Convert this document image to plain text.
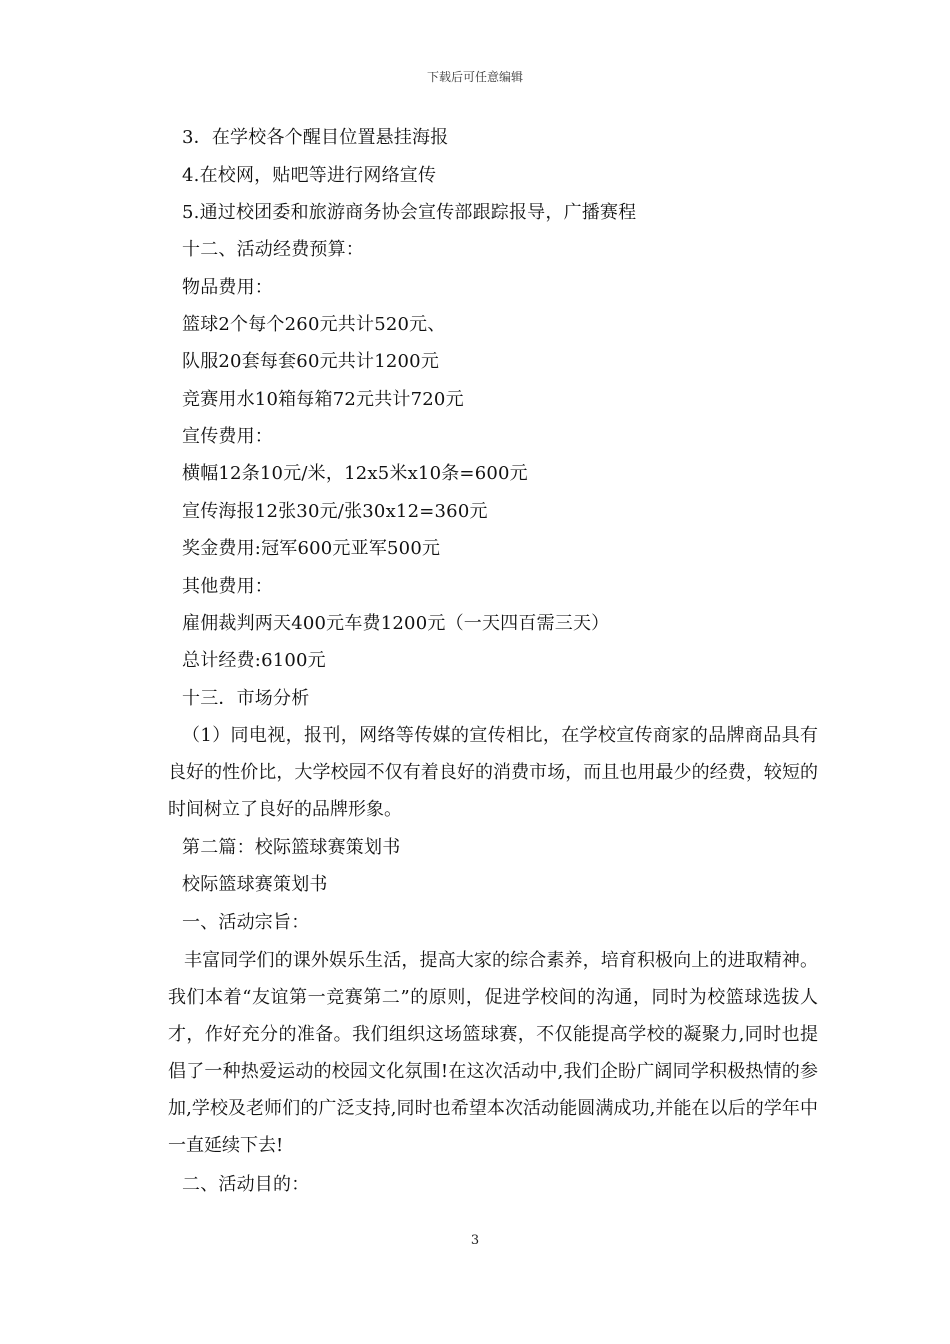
下载后可任意编辑
3．在学校各个醒目位置悬挂海报
4.在校网，贴吧等进行网络宣传
5.通过校团委和旅游商务协会宣传部跟踪报导，广播赛程
十二、活动经费预算：
物品费用：
篮球2个每个260元共计520元、
队服20套每套60元共计1200元
竞赛用水10箱每箱72元共计720元
宣传费用：
横幅12条10元/米，12x5米x10条=600元
宣传海报12张30元/张30x12=360元
奖金费用:冠军600元亚军500元
其他费用：
雇佣裁判两天400元车费1200元（一天四百需三天）
总计经费:6100元
十三．市场分析
（1）同电视，报刊，网络等传媒的宣传相比，在学校宣传商家的品牌商品具有良好的性价比，大学校园不仅有着良好的消费市场，而且也用最少的经费，较短的时间树立了良好的品牌形象。
第二篇：校际篮球赛策划书
校际篮球赛策划书
一、活动宗旨：
丰富同学们的课外娱乐生活，提高大家的综合素养，培育积极向上的进取精神。我们本着“友谊第一竞赛第二”的原则，促进学校间的沟通，同时为校篮球选拔人才，作好充分的准备。我们组织这场篮球赛，不仅能提高学校的凝聚力,同时也提倡了一种热爱运动的校园文化氛围!在这次活动中,我们企盼广阔同学积极热情的参加,学校及老师们的广泛支持,同时也希望本次活动能圆满成功,并能在以后的学年中一直延续下去!
二、活动目的：
3
